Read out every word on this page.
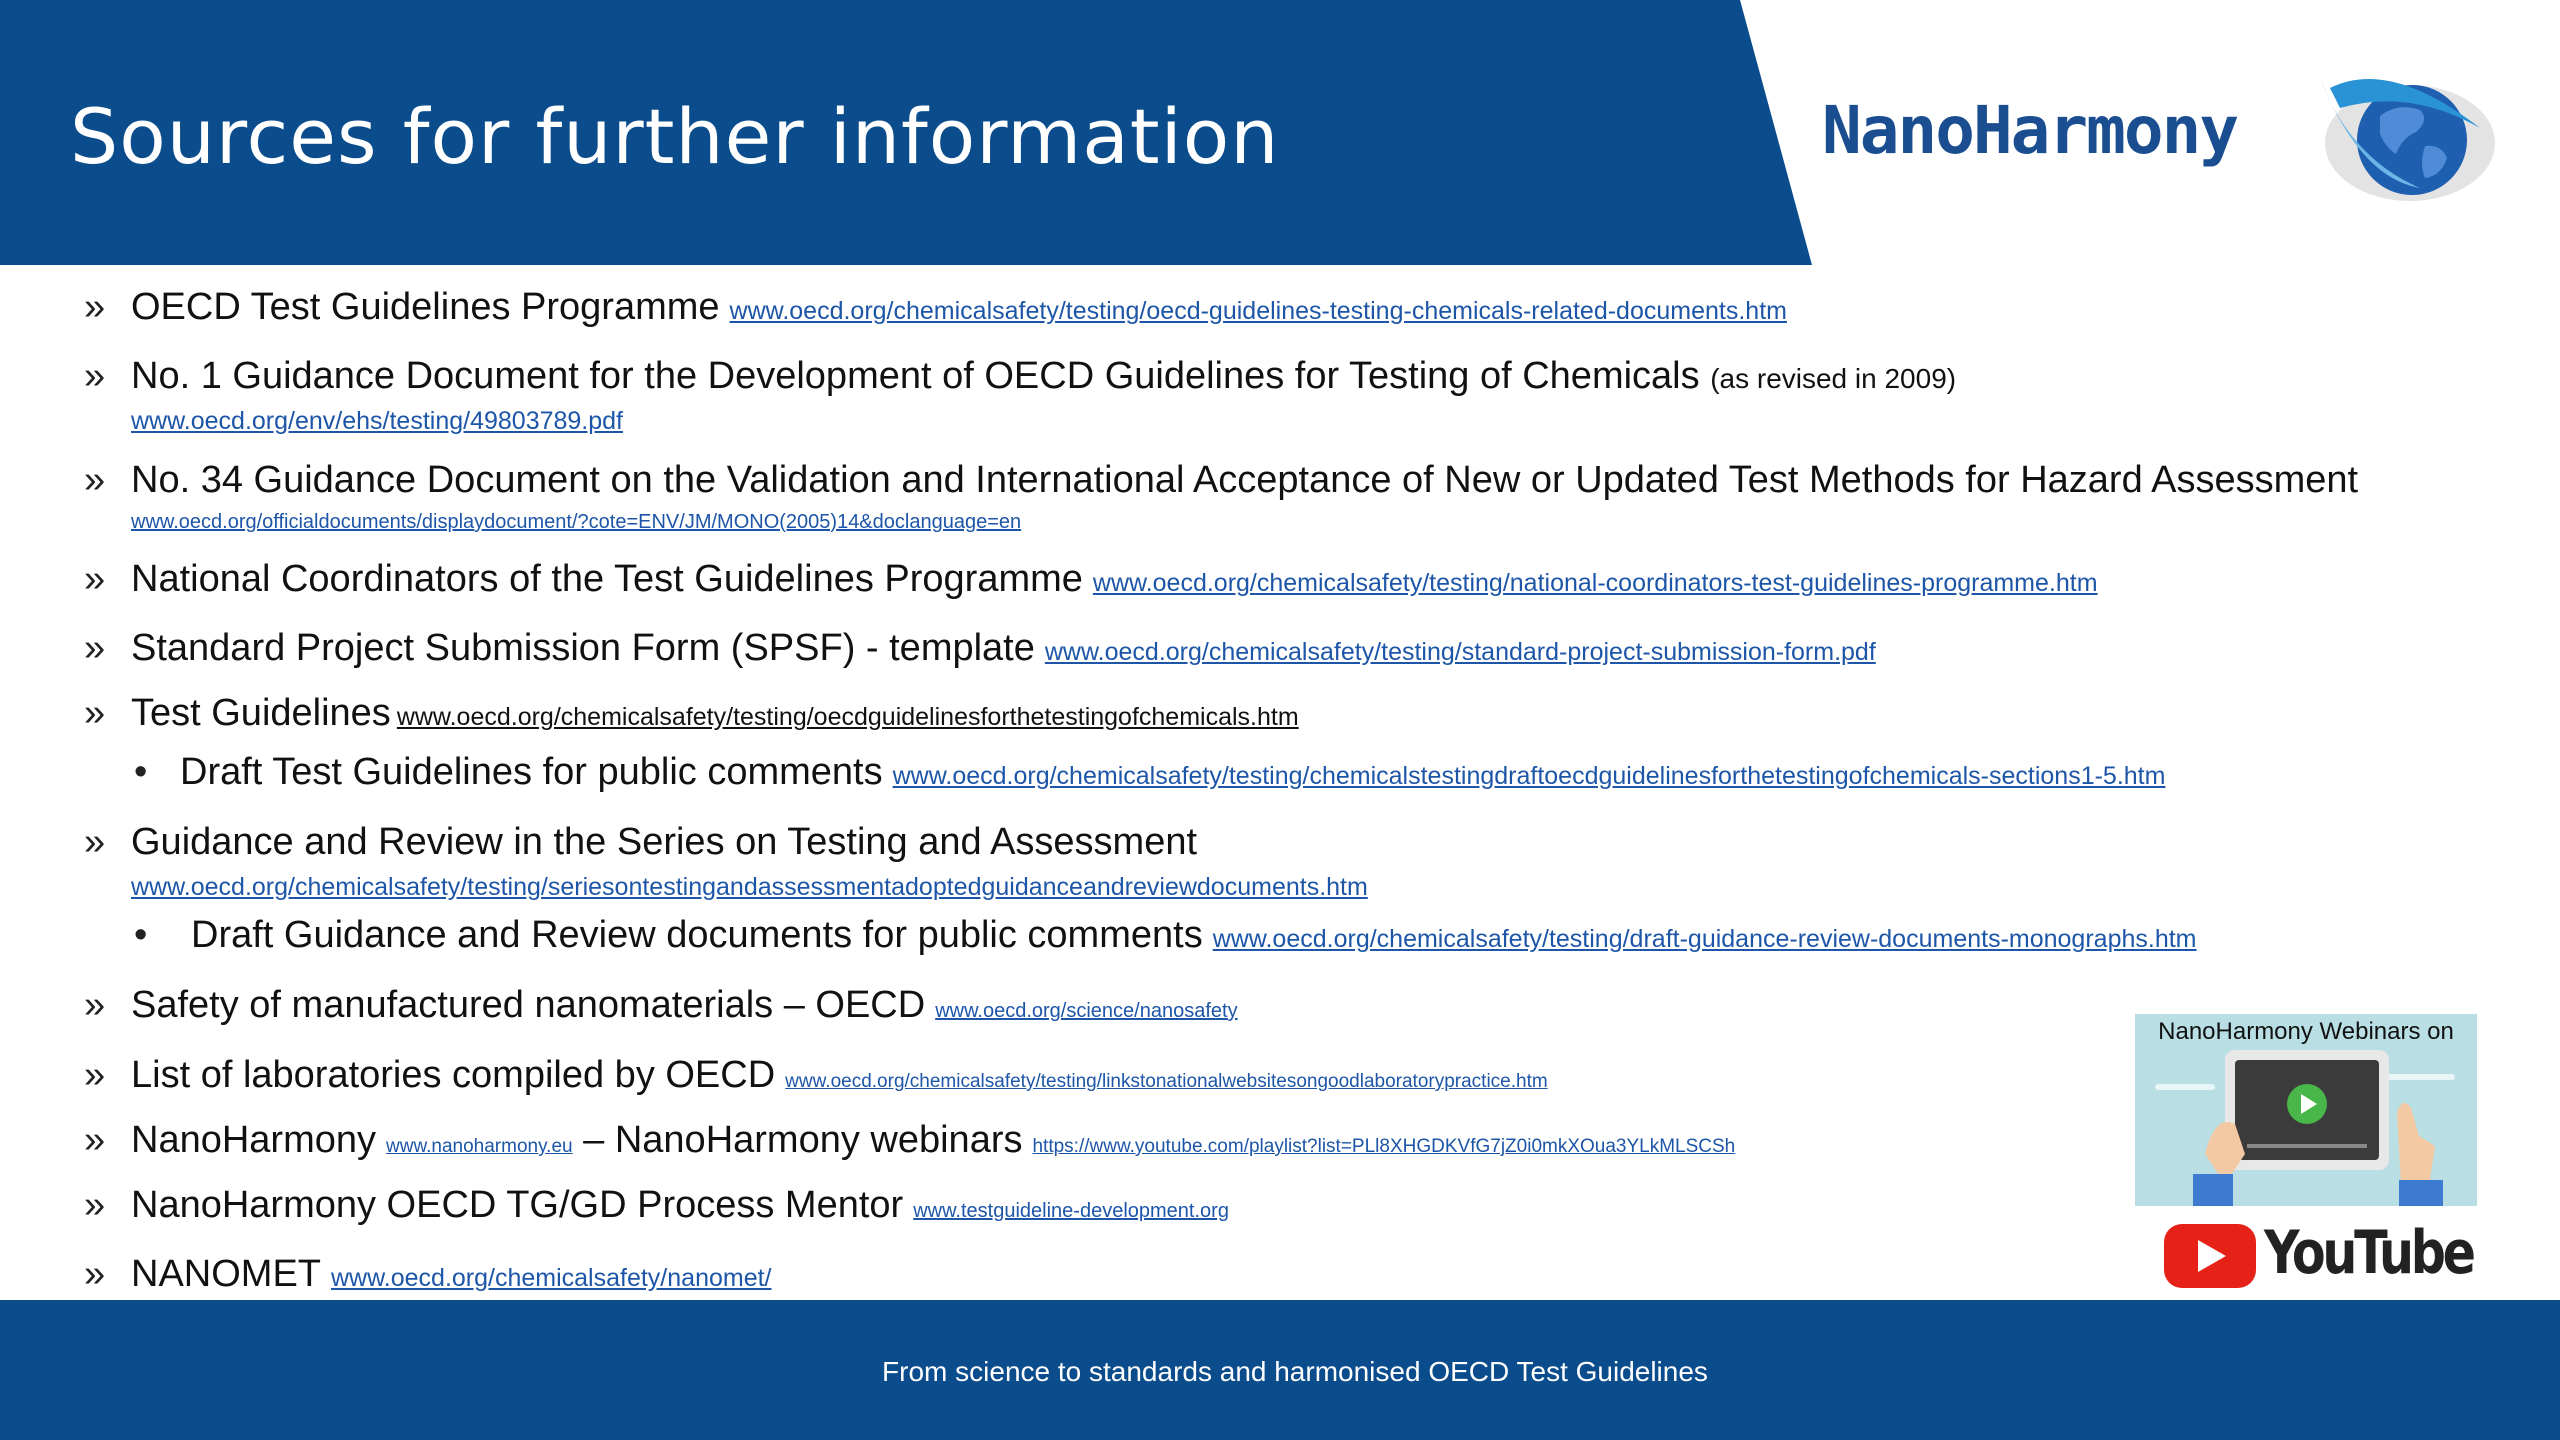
Sources for further information	NanoHarmony
» OECD Test Guidelines Programme www.oecd.org/chemicalsafety/testing/oecd-guidelines-testing-chemicals-related-documents.htm
» No. 1 Guidance Document for the Development of OECD Guidelines for Testing of Chemicals (as revised in 2009)
www.oecd.org/env/ehs/testing/49803789.pdf
» No. 34 Guidance Document on the Validation and International Acceptance of New or Updated Test Methods for Hazard Assessment
www.oecd.org/officialdocuments/displaydocument/?cote=ENV/JM/MONO(2005)14&doclanguage=en
» National Coordinators of the Test Guidelines Programme www.oecd.org/chemicalsafety/testing/national-coordinators-test-guidelines-programme.htm
» Standard Project Submission Form (SPSF) - template www.oecd.org/chemicalsafety/testing/standard-project-submission-form.pdf
» Test Guidelines www.oecd.org/chemicalsafety/testing/oecdguidelinesforthetestingofchemicals.htm
• Draft Test Guidelines for public comments www.oecd.org/chemicalsafety/testing/chemicalstestingdraftoecdguidelinesforthetestingofchemicals-sections1-5.htm
» Guidance and Review in the Series on Testing and Assessment
www.oecd.org/chemicalsafety/testing/seriesontestingandassessmentadoptedguidanceandreviewdocuments.htm
• Draft Guidance and Review documents for public comments www.oecd.org/chemicalsafety/testing/draft-guidance-review-documents-monographs.htm
» Safety of manufactured nanomaterials – OECD www.oecd.org/science/nanosafety
» List of laboratories compiled by OECD www.oecd.org/chemicalsafety/testing/linkstonationalwebsitesongoodlaboratorypractice.htm
» NanoHarmony www.nanoharmony.eu – NanoHarmony webinars https://www.youtube.com/playlist?list=PLl8XHGDKVfG7jZ0i0mkXOua3YLkMLSCSh
» NanoHarmony OECD TG/GD Process Mentor www.testguideline-development.org
» NANOMET www.oecd.org/chemicalsafety/nanomet/
NanoHarmony Webinars on
YouTube
From science to standards and harmonised OECD Test Guidelines
